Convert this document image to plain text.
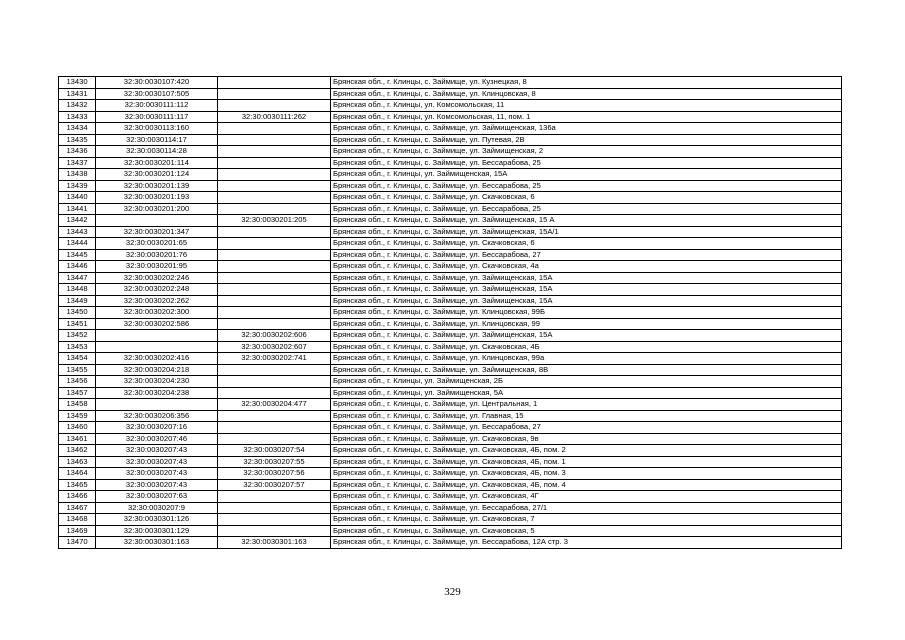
13430	32:30:0030107:420		Брянская обл., г. Клинцы, с. Займище, ул. Кузнецкая, 8
13431	32:30:0030107:505		Брянская обл., г. Клинцы, с. Займище, ул. Клинцовская, 8
13432	32:30:0030111:112		Брянская обл., г. Клинцы, ул. Комсомольская, 11
13433	32:30:0030111:117	32:30:0030111:262	Брянская обл., г. Клинцы, ул. Комсомольская, 11, пом. 1
13434	32:30:0030113:160		Брянская обл., г. Клинцы, с. Займище, ул. Займищенская, 136а
13435	32:30:0030114:17		Брянская обл., г. Клинцы, с. Займище, ул. Путевая, 2В
13436	32:30:0030114:28		Брянская обл., г. Клинцы, с. Займище, ул. Займищенская, 2
13437	32:30:0030201:114		Брянская обл., г. Клинцы, с. Займище, ул. Бессарабова, 25
13438	32:30:0030201:124		Брянская обл., г. Клинцы, ул. Займищенская, 15А
13439	32:30:0030201:139		Брянская обл., г. Клинцы, с. Займище, ул. Бессарабова, 25
13440	32:30:0030201:193		Брянская обл., г. Клинцы, с. Займище, ул. Скачковская, 6
13441	32:30:0030201:200		Брянская обл., г. Клинцы, с. Займище, ул. Бессарабова, 25
13442		32:30:0030201:205	Брянская обл., г. Клинцы, с. Займище, ул. Займищенская, 15 А
13443	32:30:0030201:347		Брянская обл., г. Клинцы, с. Займище, ул. Займищенская, 15А/1
13444	32:30:0030201:65		Брянская обл., г. Клинцы, с. Займище, ул. Скачковская, 6
13445	32:30:0030201:76		Брянская обл., г. Клинцы, с. Займище, ул. Бессарабова, 27
13446	32:30:0030201:95		Брянская обл., г. Клинцы, с. Займище, ул. Скачковская, 4а
13447	32:30:0030202:246		Брянская обл., г. Клинцы, с. Займище, ул. Займищенская, 15А
13448	32:30:0030202:248		Брянская обл., г. Клинцы, с. Займище, ул. Займищенская, 15А
13449	32:30:0030202:262		Брянская обл., г. Клинцы, с. Займище, ул. Займищенская, 15А
13450	32:30:0030202:300		Брянская обл., г. Клинцы, с. Займище, ул. Клинцовская, 99Б
13451	32:30:0030202:586		Брянская обл., г. Клинцы, с. Займище, ул. Клинцовская, 99
13452		32:30:0030202:606	Брянская обл., г. Клинцы, с. Займище, ул. Займищенская, 15А
13453		32:30:0030202:607	Брянская обл., г. Клинцы, с. Займище, ул. Скачковская, 4Б
13454	32:30:0030202:416	32:30:0030202:741	Брянская обл., г. Клинцы, с. Займище, ул. Клинцовская, 99а
13455	32:30:0030204:218		Брянская обл., г. Клинцы, с. Займище, ул. Займищенская, 8В
13456	32:30:0030204:230		Брянская обл., г. Клинцы, ул. Займищенская, 2Б
13457	32:30:0030204:238		Брянская обл., г. Клинцы, ул. Займищенская, 5А
13458		32:30:0030204:477	Брянская обл., г. Клинцы, с. Займище, ул. Центральная, 1
13459	32:30:0030206:356		Брянская обл., г. Клинцы, с. Займище, ул. Главная, 15
13460	32:30:0030207:16		Брянская обл., г. Клинцы, с. Займище, ул. Бессарабова, 27
13461	32:30:0030207:46		Брянская обл., г. Клинцы, с. Займище, ул. Скачковская, 9в
13462	32:30:0030207:43	32:30:0030207:54	Брянская обл., г. Клинцы, с. Займище, ул. Скачковская, 4Б, пом. 2
13463	32:30:0030207:43	32:30:0030207:55	Брянская обл., г. Клинцы, с. Займище, ул. Скачковская, 4Б, пом. 1
13464	32:30:0030207:43	32:30:0030207:56	Брянская обл., г. Клинцы, с. Займище, ул. Скачковская, 4Б, пом. 3
13465	32:30:0030207:43	32:30:0030207:57	Брянская обл., г. Клинцы, с. Займище, ул. Скачковская, 4Б, пом. 4
13466	32:30:0030207:63		Брянская обл., г. Клинцы, с. Займище, ул. Скачковская, 4Г
13467	32:30:0030207:9		Брянская обл., г. Клинцы, с. Займище, ул. Бессарабова, 27/1
13468	32:30:0030301:126		Брянская обл., г. Клинцы, с. Займище, ул. Скачковская, 7
13469	32:30:0030301:129		Брянская обл., г. Клинцы, с. Займище, ул. Скачковская, 5
13470	32:30:0030301:163	32:30:0030301:163	Брянская обл., г. Клинцы, с. Займище, ул. Бессарабова, 12А стр. 3
329
